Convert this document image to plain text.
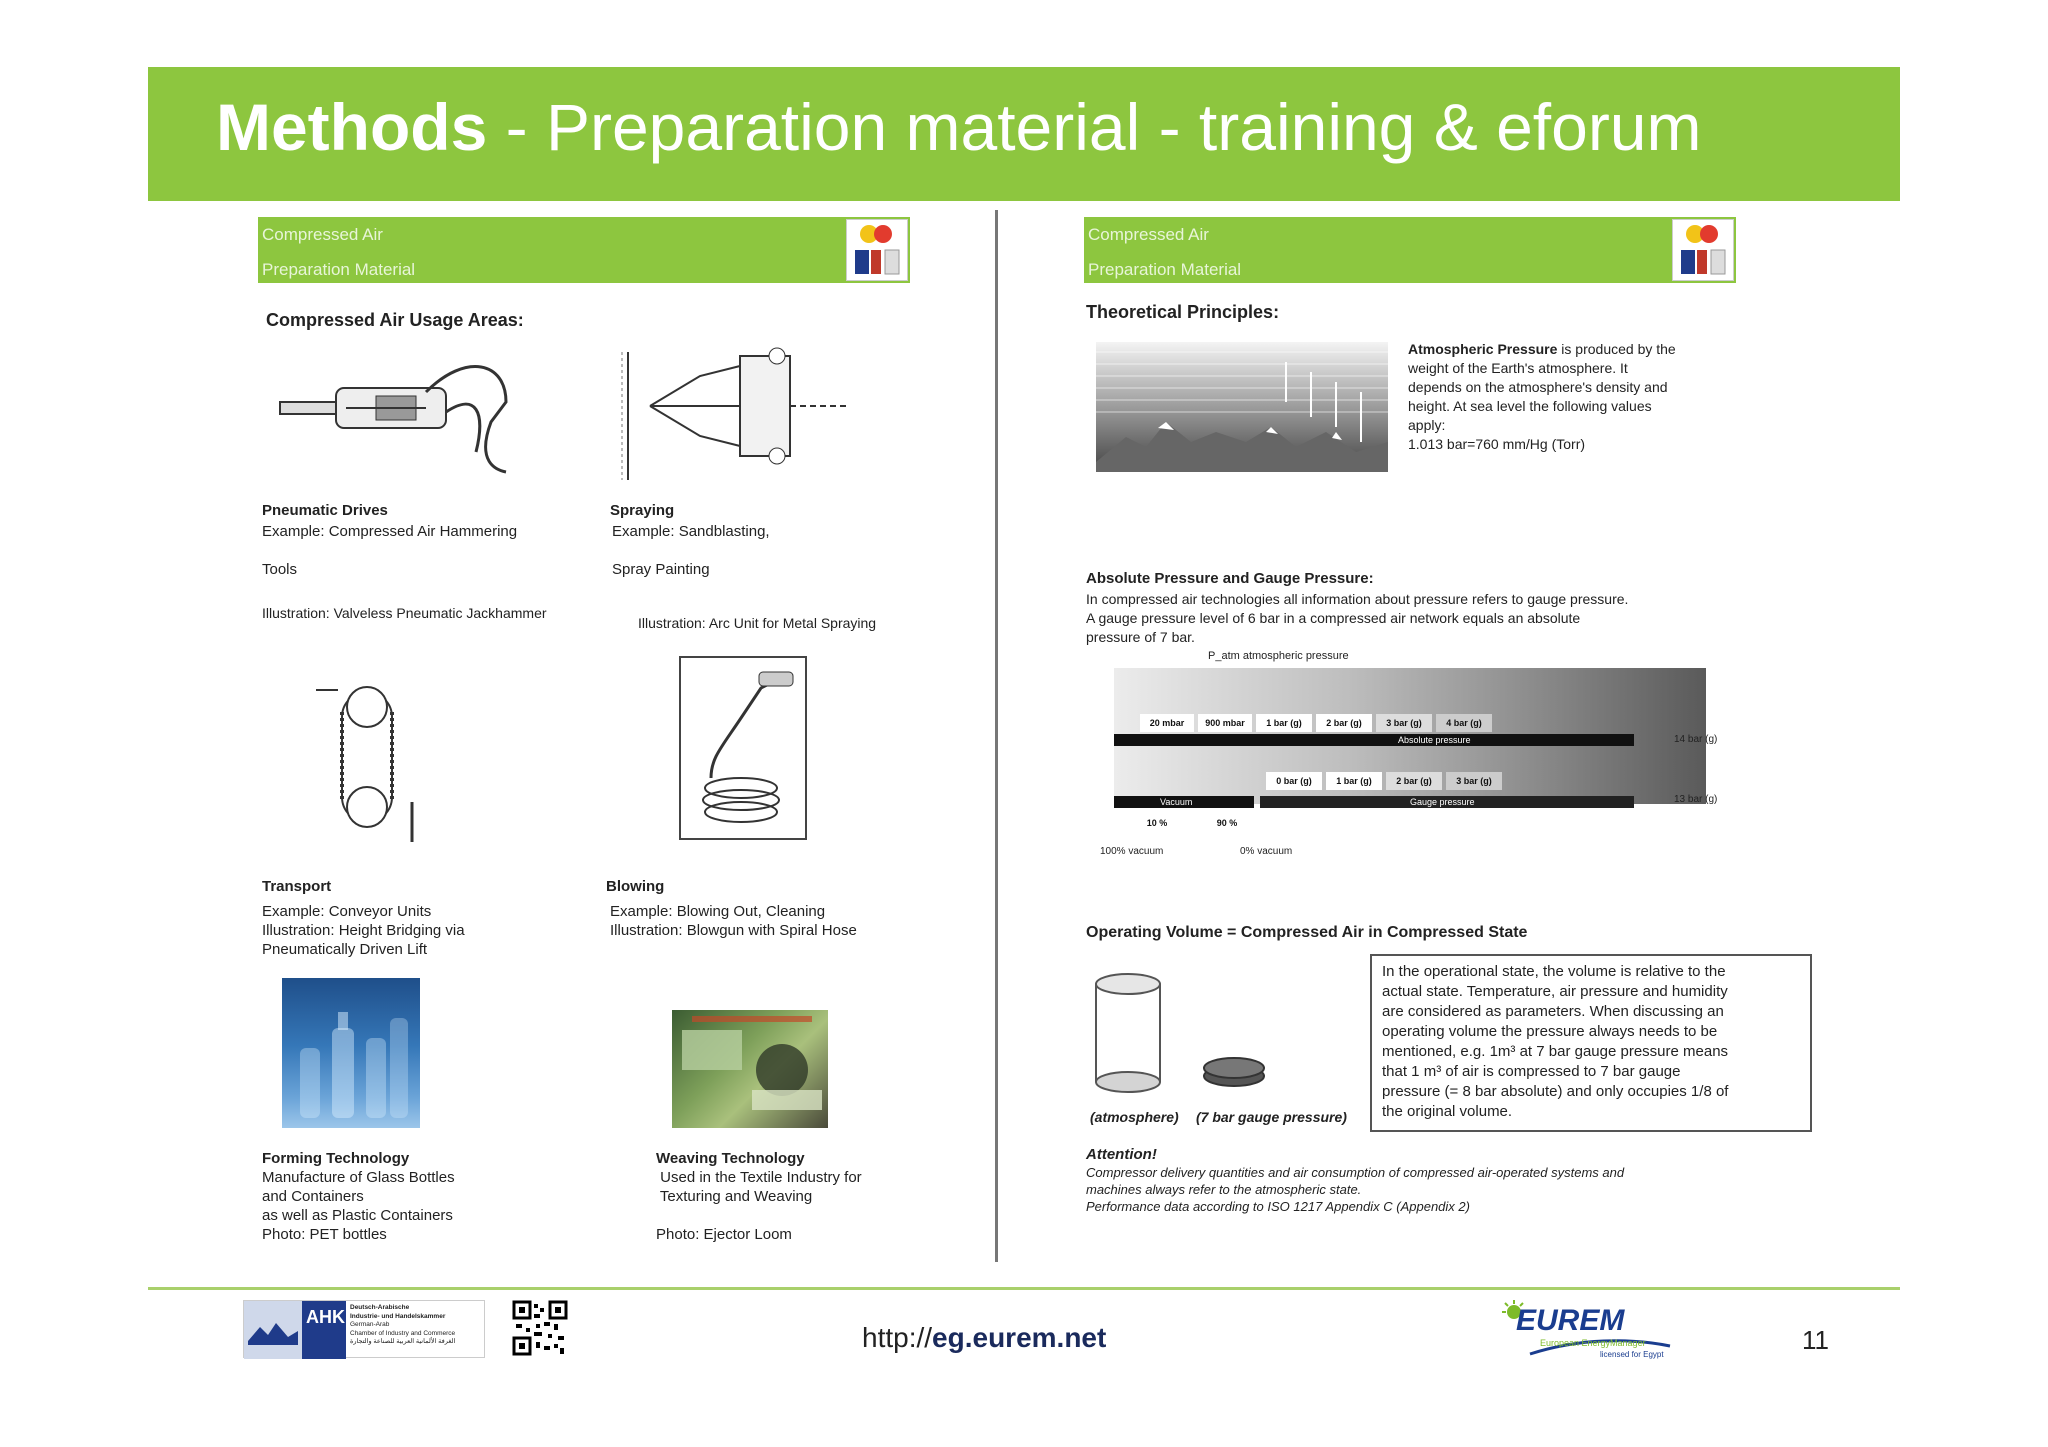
Methods - Preparation material - training & eforum
Compressed Air
Preparation Material
Compressed Air Usage Areas:
Pneumatic Drives
Example: Compressed Air Hammering

Tools
Spraying
Example: Sandblasting,

Spray Painting
Illustration: Valveless Pneumatic Jackhammer
Illustration: Arc Unit for Metal Spraying
Transport
Example: Conveyor Units
Illustration: Height Bridging via
Pneumatically Driven Lift
Blowing
Example: Blowing Out, Cleaning
Illustration: Blowgun with Spiral Hose
Forming Technology
Manufacture of Glass Bottles
and Containers
as well as Plastic Containers
Photo: PET bottles
Weaving Technology
Used in the Textile Industry for
Texturing and Weaving

Photo: Ejector Loom
Compressed Air
Preparation Material
Theoretical Principles:
Atmospheric Pressure is produced by the
weight of the Earth's atmosphere. It
depends on the atmosphere's density and
height. At sea level the following values
apply:
1.013 bar=760 mm/Hg (Torr)
Absolute Pressure and Gauge Pressure:
In compressed air technologies all information about pressure refers to gauge pressure.
A gauge pressure level of 6 bar in a compressed air network equals an absolute
pressure of 7 bar.
P_atm atmospheric pressure
20 mbar	900 mbar	1 bar (g)	2 bar (g)	3 bar (g)	4 bar (g)
Absolute pressure	14 bar (g)
0 bar (g)	1 bar (g)	2 bar (g)	3 bar (g)
Vacuum	Gauge pressure	13 bar (g)
10 %	90 %
100% vacuum	0% vacuum
Operating Volume = Compressed Air in Compressed State
(atmosphere) (7 bar gauge pressure)
In the operational state, the volume is relative to the
actual state. Temperature, air pressure and humidity
are considered as parameters. When discussing an
operating volume the pressure always needs to be
mentioned, e.g. 1m³ at 7 bar gauge pressure means
that 1 m³ of air is compressed to 7 bar gauge
pressure (= 8 bar absolute) and only occupies 1/8 of
the original volume.
Attention!
Compressor delivery quantities and air consumption of compressed air-operated systems and
machines always refer to the atmospheric state.
Performance data according to ISO 1217 Appendix C (Appendix 2)
AHK Deutsch-Arabische
Industrie- und Handelskammer
German-Arab
Chamber of Industry and Commerce
الغرفة الألمانية العربية للصناعة والتجارة	http://eg.eurem.net
EUREM
European EnergyManager
licensed for Egypt	11
